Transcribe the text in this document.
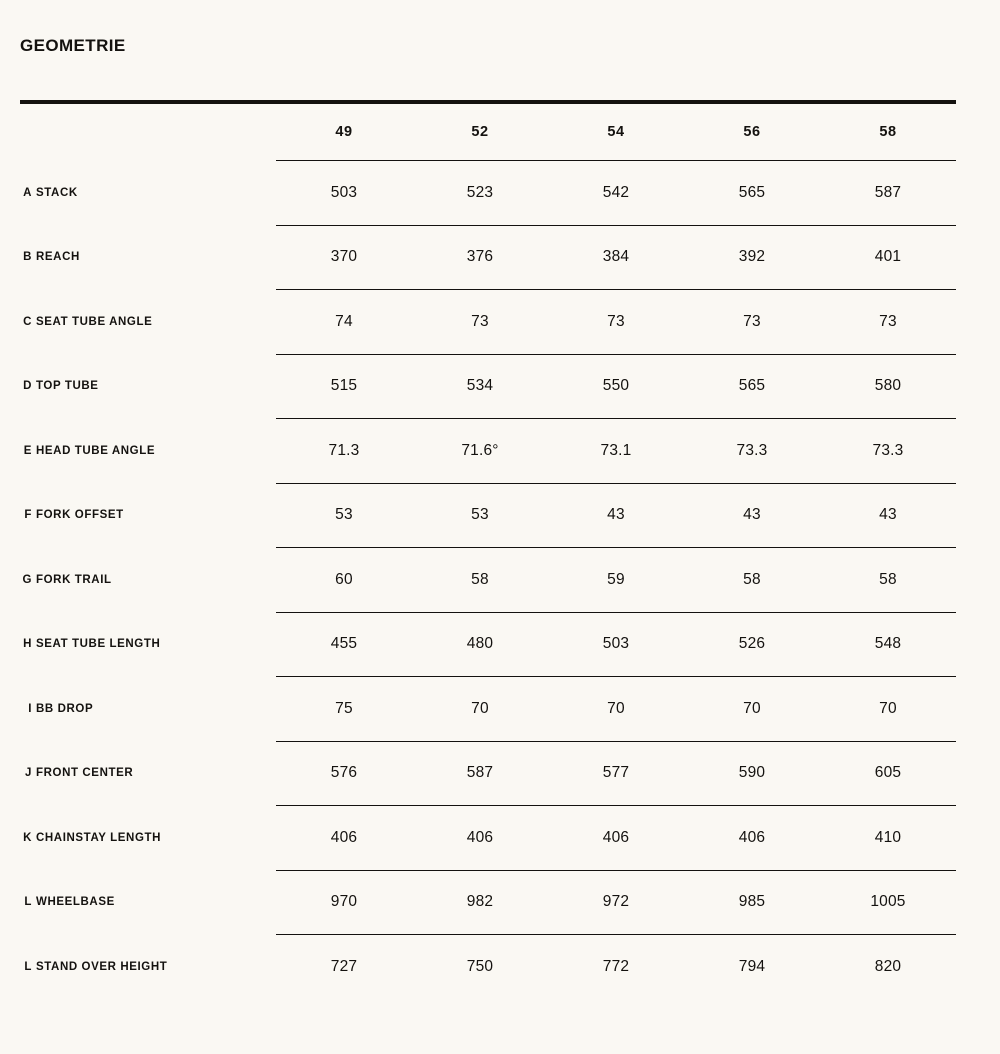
GEOMETRIE

	49	52	54	56	58
A STACK	503	523	542	565	587
B REACH	370	376	384	392	401
C SEAT TUBE ANGLE	74	73	73	73	73
D TOP TUBE	515	534	550	565	580
E HEAD TUBE ANGLE	71.3	71.6°	73.1	73.3	73.3
F FORK OFFSET	53	53	43	43	43
G FORK TRAIL	60	58	59	58	58
H SEAT TUBE LENGTH	455	480	503	526	548
I BB DROP	75	70	70	70	70
J FRONT CENTER	576	587	577	590	605
K CHAINSTAY LENGTH	406	406	406	406	410
L WHEELBASE	970	982	972	985	1005
L STAND OVER HEIGHT	727	750	772	794	820
